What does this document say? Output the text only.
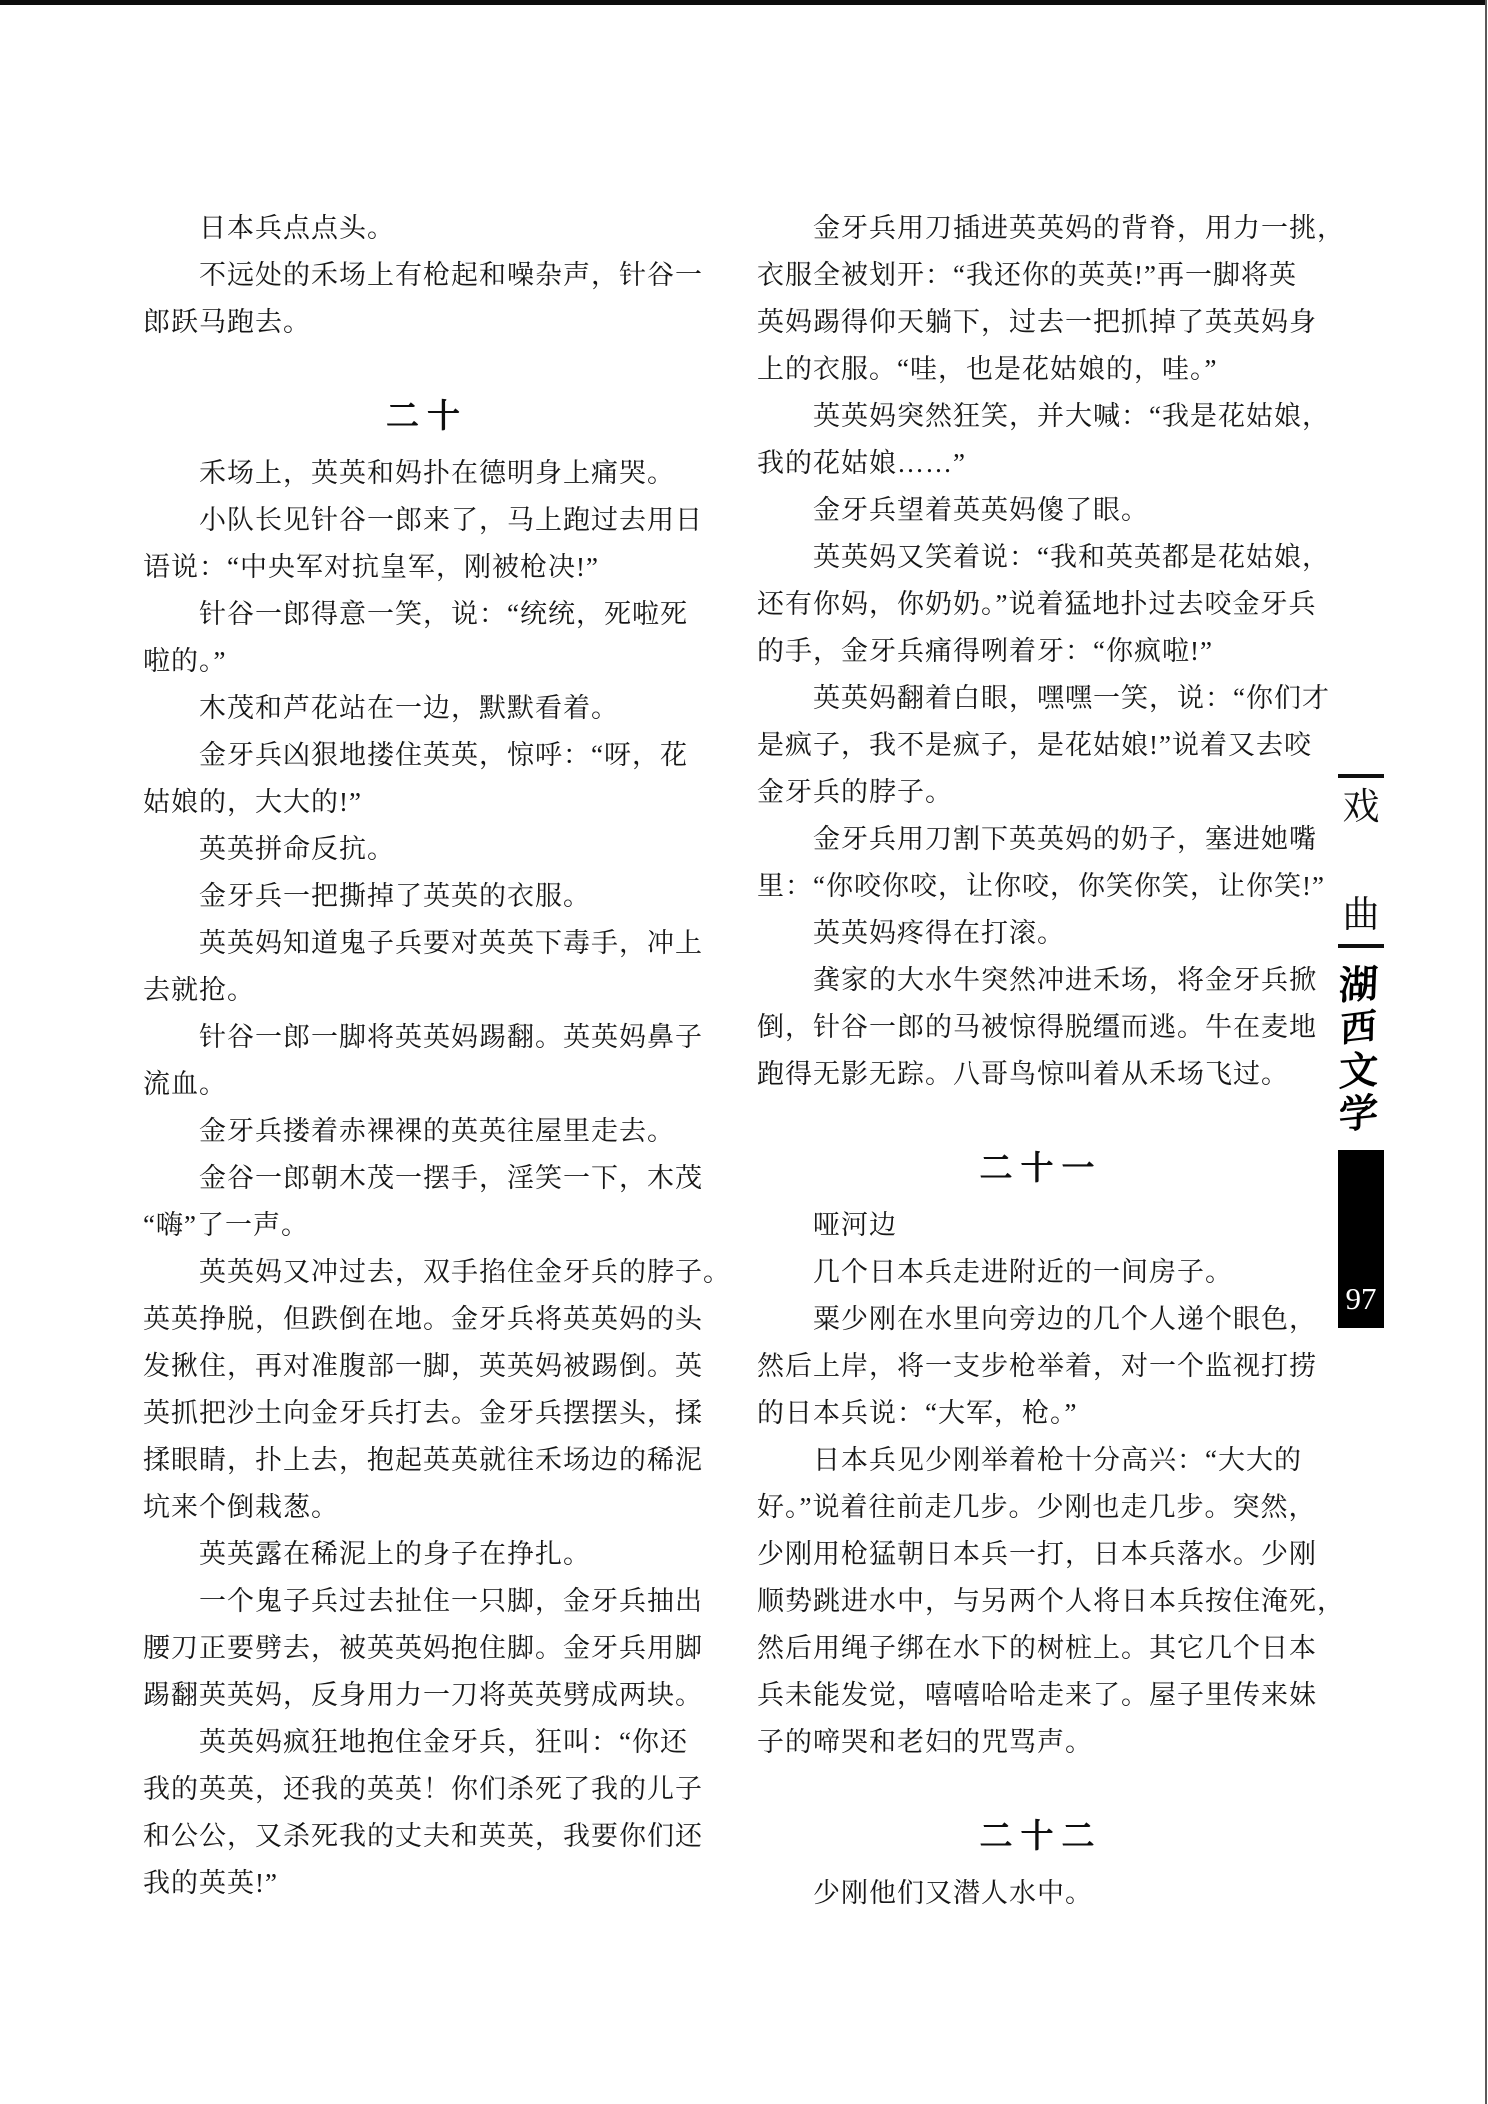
　　日本兵点点头。
　　不远处的禾场上有枪起和噪杂声，针谷一
郎跃马跑去。
二十
　　禾场上，英英和妈扑在德明身上痛哭。
　　小队长见针谷一郎来了，马上跑过去用日
语说：“中央军对抗皇军，刚被枪决!”
　　针谷一郎得意一笑，说：“统统，死啦死
啦的。”
　　木茂和芦花站在一边，默默看着。
　　金牙兵凶狠地搂住英英，惊呼：“呀，花
姑娘的，大大的!”
　　英英拼命反抗。
　　金牙兵一把撕掉了英英的衣服。
　　英英妈知道鬼子兵要对英英下毒手，冲上
去就抢。
　　针谷一郎一脚将英英妈踢翻。英英妈鼻子
流血。
　　金牙兵搂着赤裸裸的英英往屋里走去。
　　金谷一郎朝木茂一摆手，淫笑一下，木茂
“嗨”了一声。
　　英英妈又冲过去，双手掐住金牙兵的脖子。
英英挣脱，但跌倒在地。金牙兵将英英妈的头
发揪住，再对准腹部一脚，英英妈被踢倒。英
英抓把沙土向金牙兵打去。金牙兵摆摆头，揉
揉眼睛，扑上去，抱起英英就往禾场边的稀泥
坑来个倒栽葱。
　　英英露在稀泥上的身子在挣扎。
　　一个鬼子兵过去扯住一只脚，金牙兵抽出
腰刀正要劈去，被英英妈抱住脚。金牙兵用脚
踢翻英英妈，反身用力一刀将英英劈成两块。
　　英英妈疯狂地抱住金牙兵，狂叫：“你还
我的英英，还我的英英！你们杀死了我的儿子
和公公，又杀死我的丈夫和英英，我要你们还
我的英英!”
　　金牙兵用刀插进英英妈的背脊，用力一挑，
衣服全被划开：“我还你的英英!”再一脚将英
英妈踢得仰天躺下，过去一把抓掉了英英妈身
上的衣服。“哇，也是花姑娘的，哇。”
　　英英妈突然狂笑，并大喊：“我是花姑娘，
我的花姑娘……”
　　金牙兵望着英英妈傻了眼。
　　英英妈又笑着说：“我和英英都是花姑娘，
还有你妈，你奶奶。”说着猛地扑过去咬金牙兵
的手，金牙兵痛得咧着牙：“你疯啦!”
　　英英妈翻着白眼，嘿嘿一笑，说：“你们才
是疯子，我不是疯子，是花姑娘!”说着又去咬
金牙兵的脖子。
　　金牙兵用刀割下英英妈的奶子，塞进她嘴
里：“你咬你咬，让你咬，你笑你笑，让你笑!”
　　英英妈疼得在打滚。
　　龚家的大水牛突然冲进禾场，将金牙兵掀
倒，针谷一郎的马被惊得脱缰而逃。牛在麦地
跑得无影无踪。八哥鸟惊叫着从禾场飞过。
二十一
　　哑河边
　　几个日本兵走进附近的一间房子。
　　粟少刚在水里向旁边的几个人递个眼色，
然后上岸，将一支步枪举着，对一个监视打捞
的日本兵说：“大军，枪。”
　　日本兵见少刚举着枪十分高兴：“大大的
好。”说着往前走几步。少刚也走几步。突然，
少刚用枪猛朝日本兵一打，日本兵落水。少刚
顺势跳进水中，与另两个人将日本兵按住淹死，
然后用绳子绑在水下的树桩上。其它几个日本
兵未能发觉，嘻嘻哈哈走来了。屋子里传来妹
子的啼哭和老妇的咒骂声。
二十二
　　少刚他们又潜人水中。
戏
曲
湖
西
文
学
97
